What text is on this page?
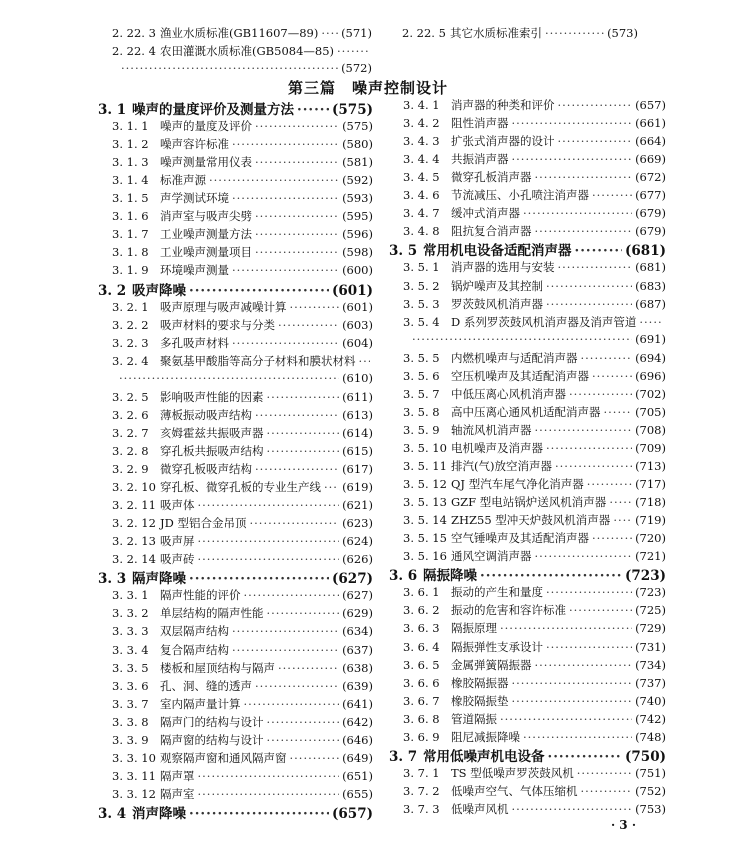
2. 22. 3 渔业水质标准(GB11607—89) ····· (571)
2. 22. 4 农田灌溉水质标准(GB5084—85)
·····
·····
(572)
2. 22. 5 其它水质标准索引 ·····	(573)
第三篇　噪声控制设计
3. 1 噪声的量度评价及测量方法 ·····	(575)
3. 1. 1 噪声的量度及评价 ·····	(575)
3. 1. 2 噪声容许标准 ·····	(580)
3. 1. 3 噪声测量常用仪表 ·····	(581)
3. 1. 4 标准声源 ·····	(592)
3. 1. 5 声学测试环境 ·····	(593)
3. 1. 6 消声室与吸声尖劈 ·····	(595)
3. 1. 7 工业噪声测量方法 ·····	(596)
3. 1. 8 工业噪声测量项目 ·····	(598)
3. 1. 9 环境噪声测量 ·····	(600)
3. 2 吸声降噪 ·····	(601)
3. 2. 1 吸声原理与吸声减噪计算 ·····	(601)
3. 2. 2 吸声材料的要求与分类 ·····	(603)
3. 2. 3 多孔吸声材料 ·····	(604)
3. 2. 4 聚氨基甲酸脂等高分子材料和膜状材料
·····
·····
(610)
3. 2. 5 影响吸声性能的因素 ·····	(611)
3. 2. 6 薄板振动吸声结构 ·····	(613)
3. 2. 7 亥姆霍兹共振吸声器 ·····	(614)
3. 2. 8 穿孔板共振吸声结构 ·····	(615)
3. 2. 9 微穿孔板吸声结构 ·····	(617)
3. 2. 10 穿孔板、微穿孔板的专业生产线 ····· (619)
3. 2. 11 吸声体 ·····	(621)
3. 2. 12 JD 型铝合金吊顶 ·····	(623)
3. 2. 13 吸声屏 ·····	(624)
3. 2. 14 吸声砖 ·····	(626)
3. 3 隔声降噪 ·····	(627)
3. 3. 1 隔声性能的评价 ·····	(627)
3. 3. 2 单层结构的隔声性能 ·····	(629)
3. 3. 3 双层隔声结构 ·····	(634)
3. 3. 4 复合隔声结构 ·····	(637)
3. 3. 5 楼板和屋顶结构与隔声 ·····	(638)
3. 3. 6 孔、洞、缝的透声 ·····	(639)
3. 3. 7 室内隔声量计算 ·····	(641)
3. 3. 8 隔声门的结构与设计 ·····	(642)
3. 3. 9 隔声窗的结构与设计 ·····	(646)
3. 3. 10 观察隔声窗和通风隔声窗 ·····	(649)
3. 3. 11 隔声罩 ·····	(651)
3. 3. 12 隔声室 ·····	(655)
3. 4 消声降噪 ·····	(657)
3. 4. 1 消声器的种类和评价 ·····	(657)
3. 4. 2 阻性消声器 ·····	(661)
3. 4. 3 扩张式消声器的设计 ·····	(664)
3. 4. 4 共振消声器 ·····	(669)
3. 4. 5 微穿孔板消声器 ·····	(672)
3. 4. 6 节流减压、小孔喷注消声器 ·····	(677)
3. 4. 7 缓冲式消声器 ·····	(679)
3. 4. 8 阻抗复合消声器 ·····	(679)
3. 5 常用机电设备适配消声器 ·····	(681)
3. 5. 1 消声器的选用与安装 ·····	(681)
3. 5. 2 锅炉噪声及其控制 ·····	(683)
3. 5. 3 罗茨鼓风机消声器 ·····	(687)
3. 5. 4 D 系列罗茨鼓风机消声器及消声管道
·····
·····
(691)
3. 5. 5 内燃机噪声与适配消声器 ·····	(694)
3. 5. 6 空压机噪声及其适配消声器 ·····	(696)
3. 5. 7 中低压离心风机消声器 ·····	(702)
3. 5. 8 高中压离心通风机适配消声器 ·····	(705)
3. 5. 9 轴流风机消声器 ·····	(708)
3. 5. 10 电机噪声及消声器 ·····	(709)
3. 5. 11 排汽(气)放空消声器 ·····	(713)
3. 5. 12 QJ 型汽车尾气净化消声器 ·····	(717)
3. 5. 13 GZF 型电站锅炉送风机消声器 ·····	(718)
3. 5. 14 ZHZ55 型冲天炉鼓风机消声器 ····· (719)
3. 5. 15 空气锤噪声及其适配消声器 ·····	(720)
3. 5. 16 通风空调消声器 ·····	(721)
3. 6 隔振降噪 ·····	(723)
3. 6. 1 振动的产生和量度 ·····	(723)
3. 6. 2 振动的危害和容许标准 ·····	(725)
3. 6. 3 隔振原理 ·····	(729)
3. 6. 4 隔振弹性支承设计 ·····	(731)
3. 6. 5 金属弹簧隔振器 ·····	(734)
3. 6. 6 橡胶隔振器 ·····	(737)
3. 6. 7 橡胶隔振垫 ·····	(740)
3. 6. 8 管道隔振 ·····	(742)
3. 6. 9 阻尼减振降噪 ·····	(748)
3. 7 常用低噪声机电设备 ·····	(750)
3. 7. 1 TS 型低噪声罗茨鼓风机 ·····	(751)
3. 7. 2 低噪声空气、气体压缩机 ·····	(752)
3. 7. 3 低噪声风机 ·····	(753)
· 3 ·
